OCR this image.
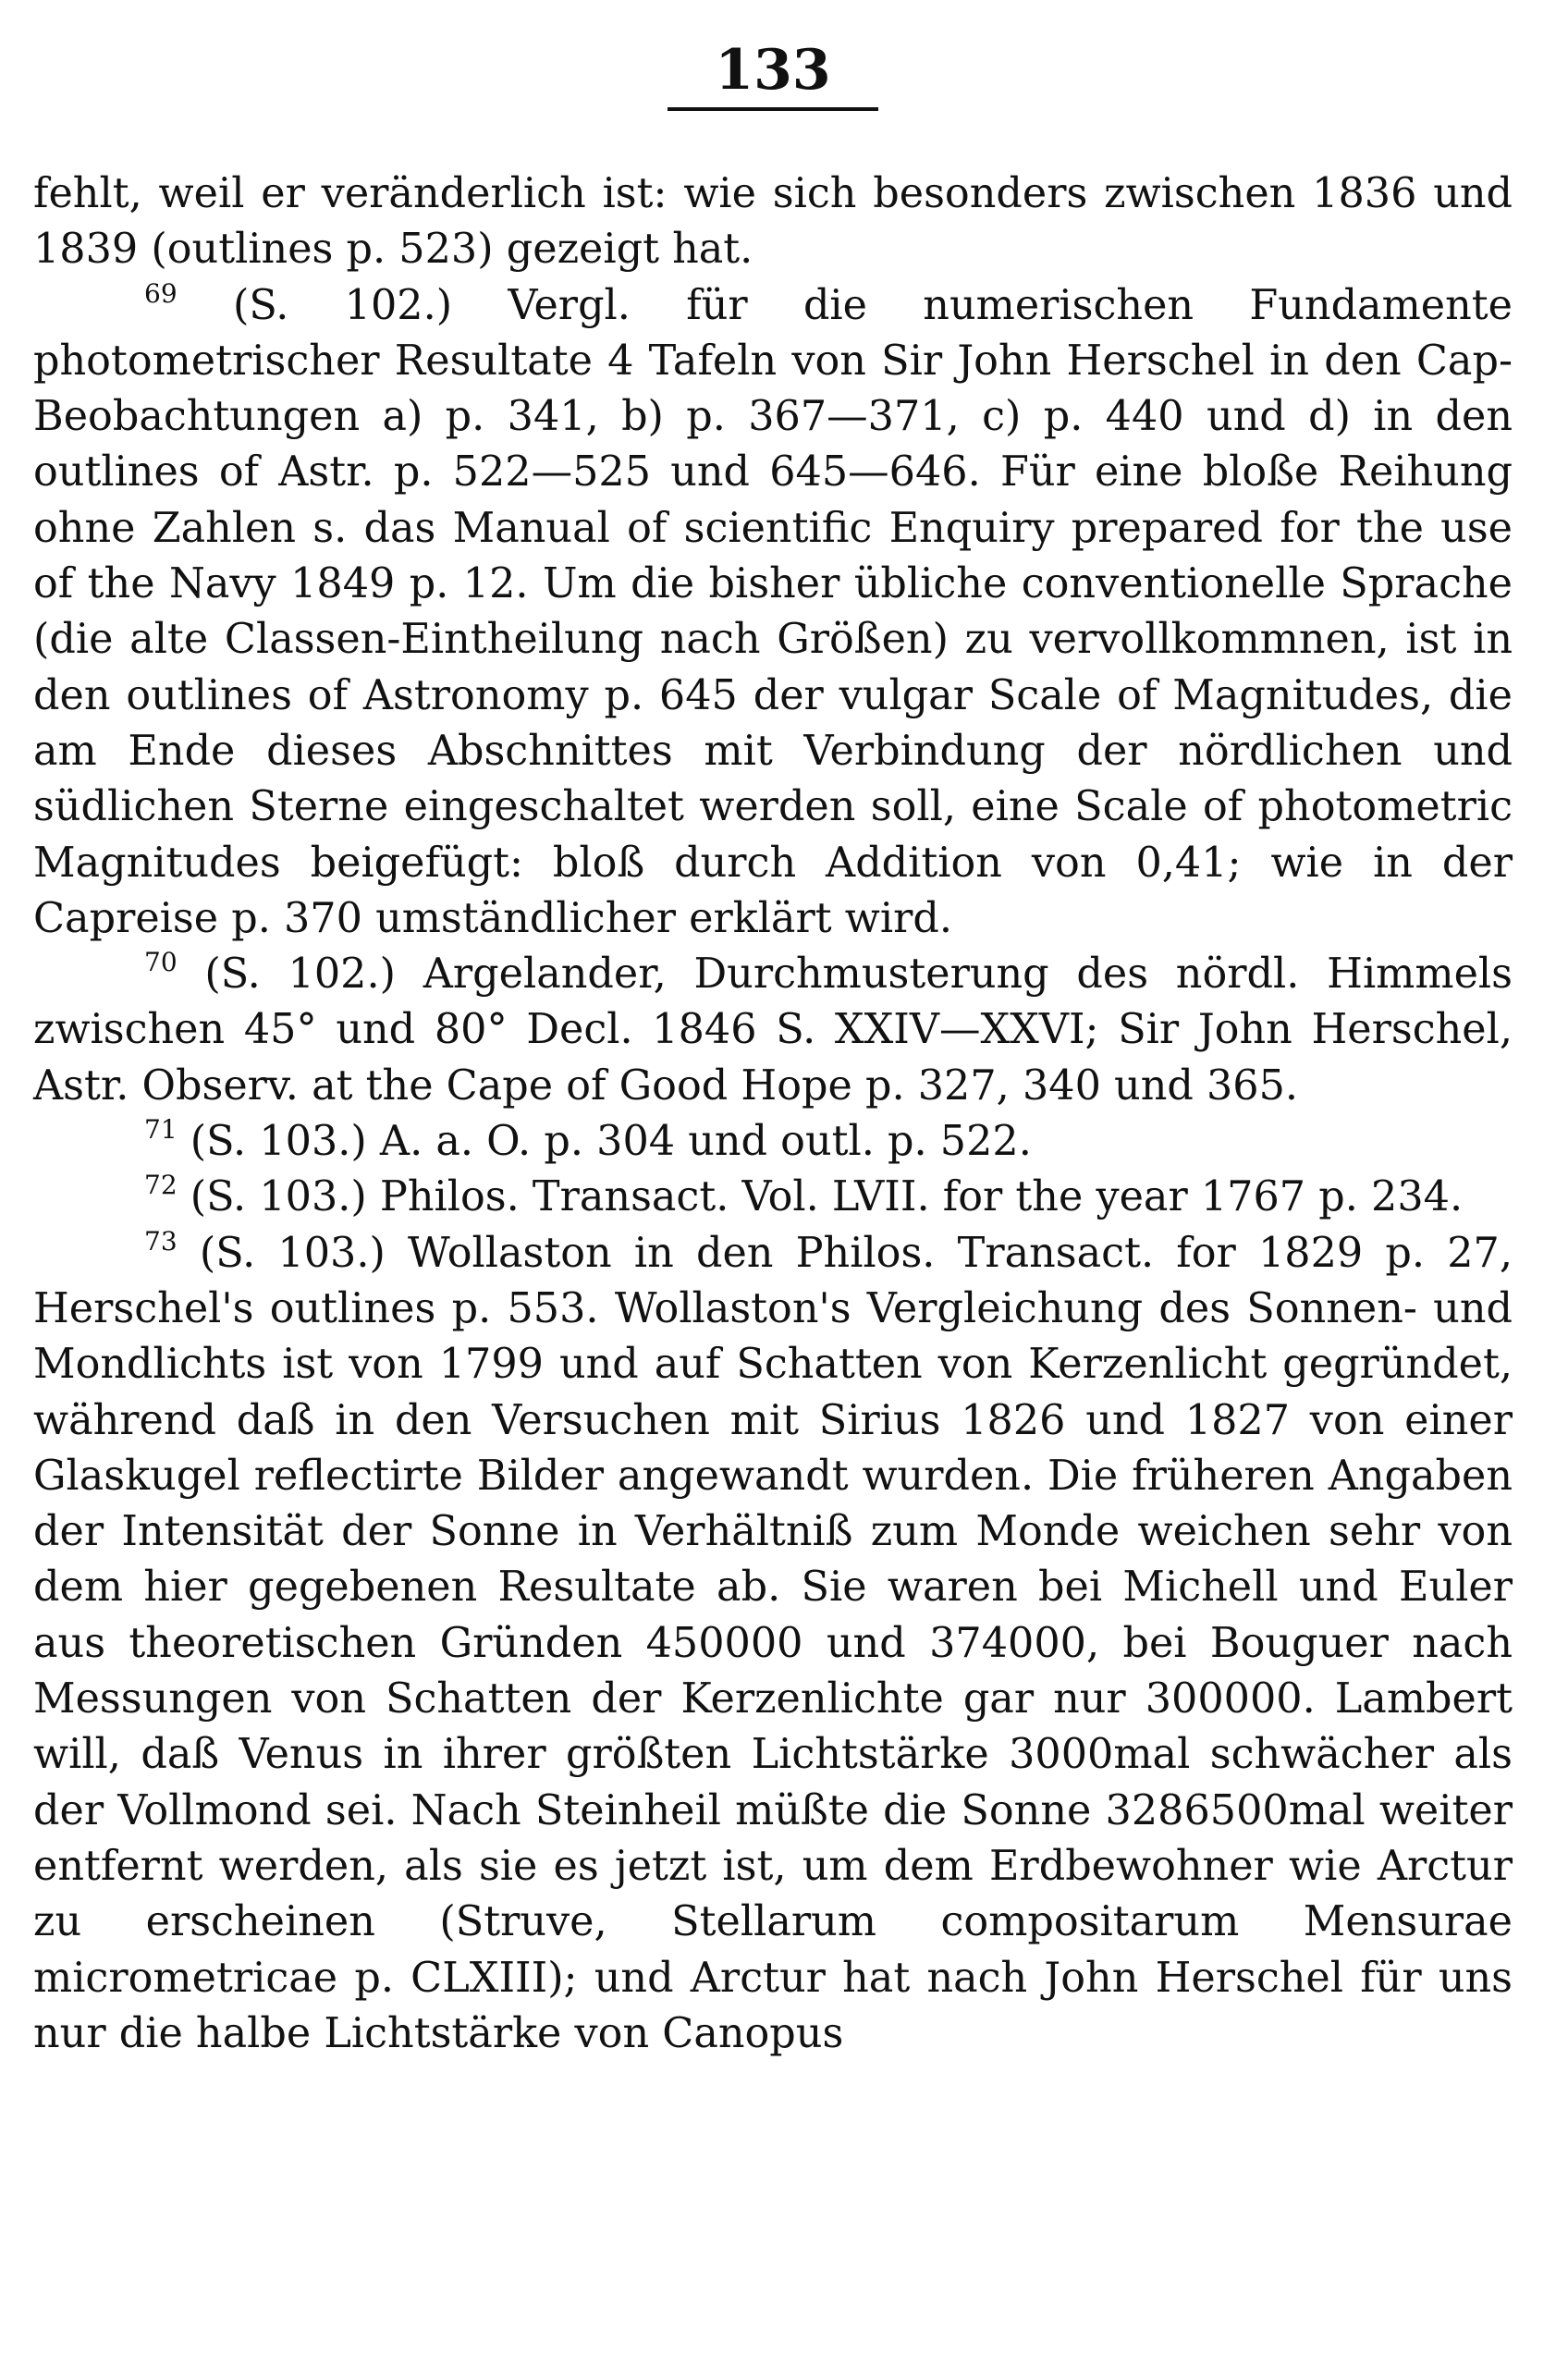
133

fehlt, weil er veränderlich ist: wie sich besonders zwischen 1836 und 1839 (outlines p. 523) gezeigt hat.

$^{69}$ (S. 102.) Vergl. für die numerischen Fundamente photometrischer Resultate 4 Tafeln von Sir John Herschel in den Cap-Beobachtungen a) p. 341, b) p. 367—371, c) p. 440 und d) in den outlines of Astr. p. 522—525 und 645—646. Für eine bloße Reihung ohne Zahlen s. das Manual of scientific Enquiry prepared for the use of the Navy 1849 p. 12. Um die bisher übliche conventionelle Sprache (die alte Classen-Eintheilung nach Größen) zu vervollkommnen, ist in den outlines of Astronomy p. 645 der vulgar Scale of Magnitudes, die am Ende dieses Abschnittes mit Verbindung der nördlichen und südlichen Sterne eingeschaltet werden soll, eine Scale of photometric Magnitudes beigefügt: bloß durch Addition von 0,41; wie in der Capreise p. 370 umständlicher erklärt wird.

$^{70}$ (S. 102.) Argelander, Durchmusterung des nördl. Himmels zwischen 45° und 80° Decl. 1846 S. XXIV—XXVI; Sir John Herschel, Astr. Observ. at the Cape of Good Hope p. 327, 340 und 365.

$^{71}$ (S. 103.) A. a. O. p. 304 und outl. p. 522.

$^{72}$ (S. 103.) Philos. Transact. Vol. LVII. for the year 1767 p. 234.

$^{73}$ (S. 103.) Wollaston in den Philos. Transact. for 1829 p. 27, Herschel's outlines p. 553. Wollaston's Vergleichung des Sonnen- und Mondlichts ist von 1799 und auf Schatten von Kerzenlicht gegründet, während daß in den Versuchen mit Sirius 1826 und 1827 von einer Glaskugel reflectirte Bilder angewandt wurden. Die früheren Angaben der Intensität der Sonne in Verhältniß zum Monde weichen sehr von dem hier gegebenen Resultate ab. Sie waren bei Michell und Euler aus theoretischen Gründen 450000 und 374000, bei Bouguer nach Messungen von Schatten der Kerzenlichte gar nur 300000. Lambert will, daß Venus in ihrer größten Lichtstärke 3000mal schwächer als der Vollmond sei. Nach Steinheil müßte die Sonne 3286500mal weiter entfernt werden, als sie es jetzt ist, um dem Erdbewohner wie Arctur zu erscheinen (Struve, Stellarum compositarum Mensurae micrometricae p. CLXIII); und Arctur hat nach John Herschel für uns nur die halbe Lichtstärke von Canopus
